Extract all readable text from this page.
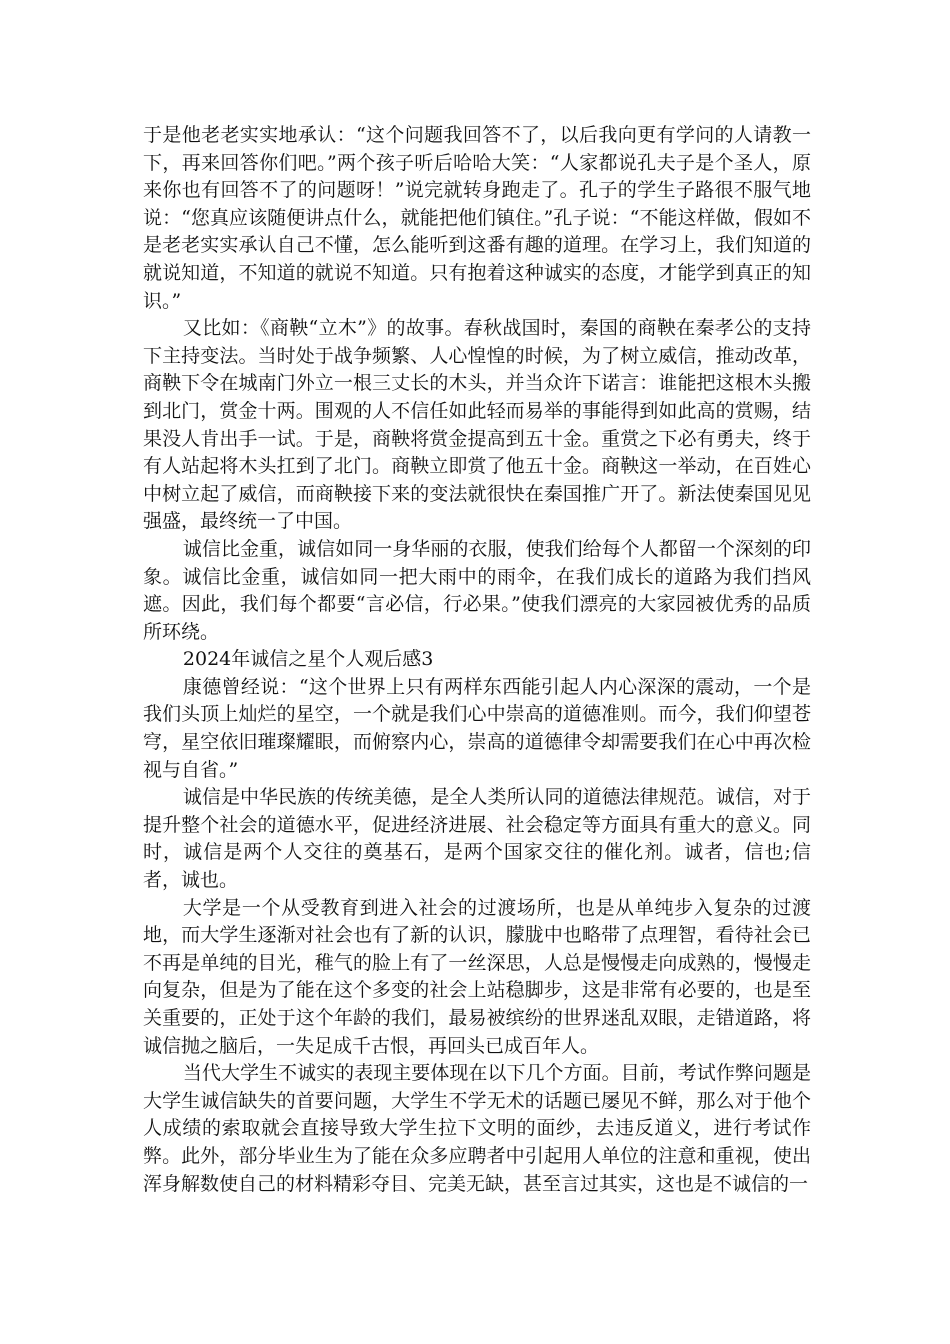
于是他老老实实地承认：“这个问题我回答不了，以后我向更有学问的人请教一下，再来回答你们吧。”两个孩子听后哈哈大笑：“人家都说孔夫子是个圣人，原来你也有回答不了的问题呀！”说完就转身跑走了。孔子的学生子路很不服气地说：“您真应该随便讲点什么，就能把他们镇住。”孔子说：“不能这样做，假如不是老老实实承认自己不懂，怎么能听到这番有趣的道理。在学习上，我们知道的就说知道，不知道的就说不知道。只有抱着这种诚实的态度，才能学到真正的知识。”

又比如：《商鞅“立木”》的故事。春秋战国时，秦国的商鞅在秦孝公的支持下主持变法。当时处于战争频繁、人心惶惶的时候，为了树立威信，推动改革，商鞅下令在城南门外立一根三丈长的木头，并当众许下诺言：谁能把这根木头搬到北门，赏金十两。围观的人不信任如此轻而易举的事能得到如此高的赏赐，结果没人肯出手一试。于是，商鞅将赏金提高到五十金。重赏之下必有勇夫，终于有人站起将木头扛到了北门。商鞅立即赏了他五十金。商鞅这一举动，在百姓心中树立起了威信，而商鞅接下来的变法就很快在秦国推广开了。新法使秦国见见强盛，最终统一了中国。

诚信比金重，诚信如同一身华丽的衣服，使我们给每个人都留一个深刻的印象。诚信比金重，诚信如同一把大雨中的雨伞，在我们成长的道路为我们挡风遮。因此，我们每个都要“言必信，行必果。”使我们漂亮的大家园被优秀的品质所环绕。

2024年诚信之星个人观后感3

康德曾经说：“这个世界上只有两样东西能引起人内心深深的震动，一个是我们头顶上灿烂的星空，一个就是我们心中崇高的道德准则。而今，我们仰望苍穹，星空依旧璀璨耀眼，而俯察内心，崇高的道德律令却需要我们在心中再次检视与自省。”

诚信是中华民族的传统美德，是全人类所认同的道德法律规范。诚信，对于提升整个社会的道德水平，促进经济进展、社会稳定等方面具有重大的意义。同时，诚信是两个人交往的奠基石，是两个国家交往的催化剂。诚者，信也;信者，诚也。

大学是一个从受教育到进入社会的过渡场所，也是从单纯步入复杂的过渡地，而大学生逐渐对社会也有了新的认识，朦胧中也略带了点理智，看待社会已不再是单纯的目光，稚气的脸上有了一丝深思，人总是慢慢走向成熟的，慢慢走向复杂，但是为了能在这个多变的社会上站稳脚步，这是非常有必要的，也是至关重要的，正处于这个年龄的我们，最易被缤纷的世界迷乱双眼，走错道路，将诚信抛之脑后，一失足成千古恨，再回头已成百年人。

当代大学生不诚实的表现主要体现在以下几个方面。目前，考试作弊问题是大学生诚信缺失的首要问题，大学生不学无术的话题已屡见不鲜，那么对于他个人成绩的索取就会直接导致大学生拉下文明的面纱，去违反道义，进行考试作弊。此外，部分毕业生为了能在众多应聘者中引起用人单位的注意和重视，使出浑身解数使自己的材料精彩夺目、完美无缺，甚至言过其实，这也是不诚信的一
